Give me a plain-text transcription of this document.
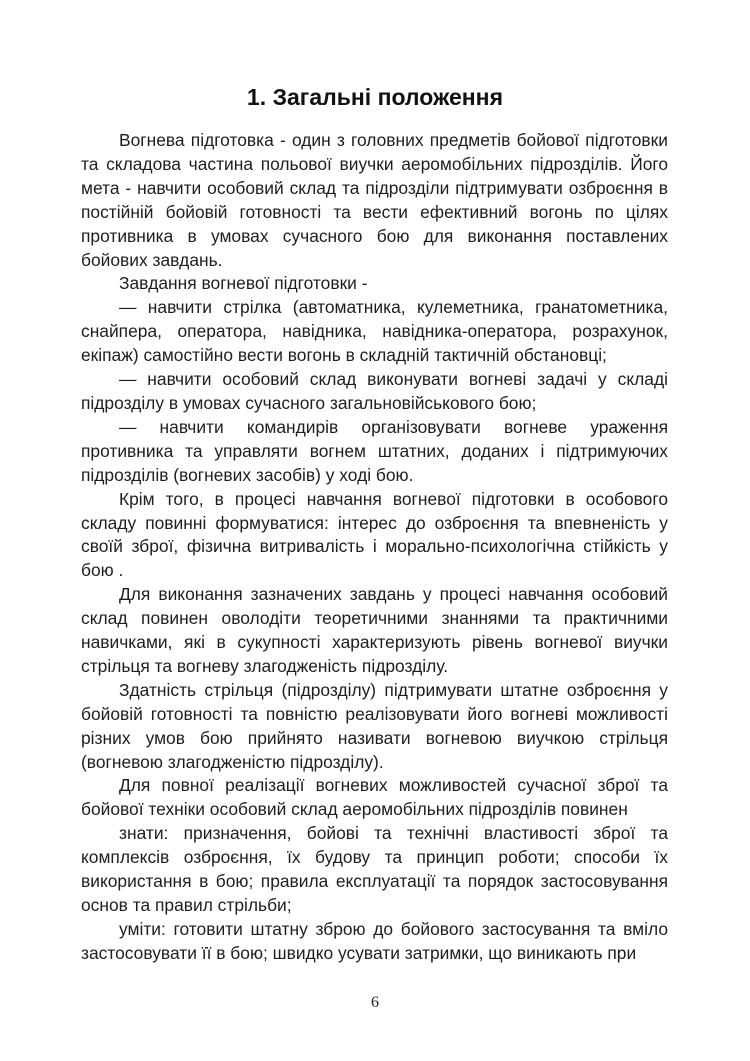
1. Загальні положення

Вогнева підготовка - один з головних предметів бойової підготовки та складова частина польової виучки аеромобільних підрозділів. Його мета - навчити особовий склад та підрозділи підтримувати озброєння в постійній бойовій готовності та вести ефективний вогонь по цілях противника в умовах сучасного бою для виконання поставлених бойових завдань.

Завдання вогневої підготовки -

— навчити стрілка (автоматника, кулеметника, гранатометника, снайпера, оператора, навідника, навідника-оператора, розрахунок, екіпаж) самостійно вести вогонь в складній тактичній обстановці;

— навчити особовий склад виконувати вогневі задачі у складі підрозділу в умовах сучасного загальновійськового бою;

— навчити командирів організовувати вогневе ураження противника та управляти вогнем штатних, доданих і підтримуючих підрозділів (вогневих засобів) у ході бою.

Крім того, в процесі навчання вогневої підготовки в особового складу повинні формуватися: інтерес до озброєння та впевненість у своїй зброї, фізична витривалість і морально-психологічна стійкість у бою .

Для виконання зазначених завдань у процесі навчання особовий склад повинен оволодіти теоретичними знаннями та практичними навичками, які в сукупності характеризують рівень вогневої виучки стрільця та вогневу злагодженість підрозділу.

Здатність стрільця (підрозділу) підтримувати штатне озброєння у бойовій готовності та повністю реалізовувати його вогневі можливості різних умов бою прийнято називати вогневою виучкою стрільця (вогневою злагодженістю підрозділу).

Для повної реалізації вогневих можливостей сучасної зброї та бойової техніки особовий склад аеромобільних підрозділів повинен

знати: призначення, бойові та технічні властивості зброї та комплексів озброєння, їх будову та принцип роботи; способи їх використання в бою; правила експлуатації та порядок застосовування основ та правил стрільби;

уміти: готовити штатну зброю до бойового застосування та вміло застосовувати її в бою; швидко усувати затримки, що виникають при

6
